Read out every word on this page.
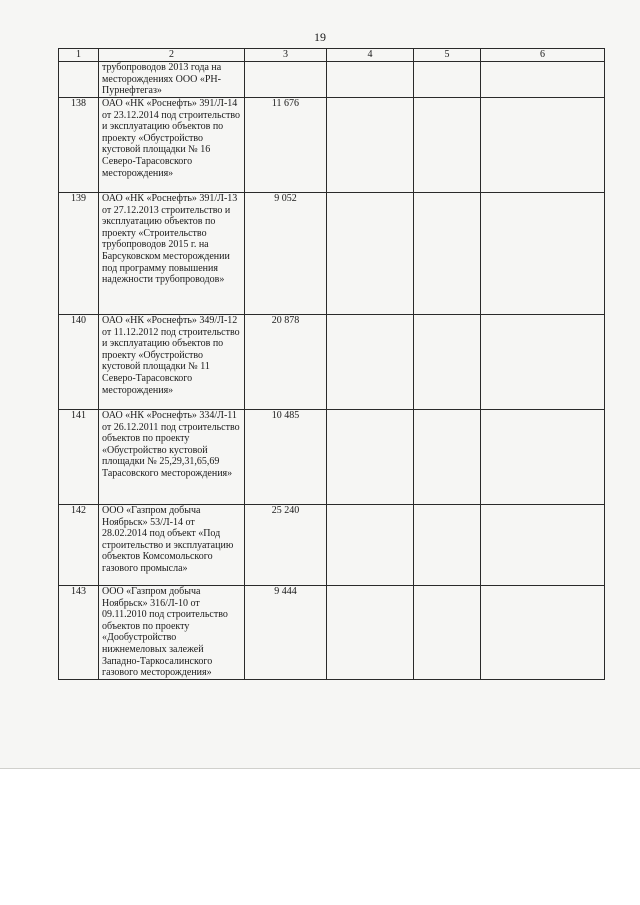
19
1	2	3	4	5	6
	трубопроводов 2013 года на месторождениях ООО «РН-Пурнефтегаз»				
138	ОАО «НК «Роснефть» 391/Л-14 от 23.12.2014 под строительство и эксплуатацию объектов по проекту «Обустройство кустовой площадки № 16 Северо-Тарасовского месторождения»	11 676			
139	ОАО «НК «Роснефть» 391/Л-13 от 27.12.2013 строительство и эксплуатацию объектов по проекту «Строительство трубопроводов 2015 г. на Барсуковском месторождении под программу повышения надежности трубопроводов»	9 052			
140	ОАО «НК «Роснефть» 349/Л-12 от 11.12.2012 под строительство и эксплуатацию объектов по проекту «Обустройство кустовой площадки № 11 Северо-Тарасовского месторождения»	20 878			
141	ОАО «НК «Роснефть» 334/Л-11 от 26.12.2011 под строительство объектов по проекту «Обустройство кустовой площадки № 25,29,31,65,69 Тарасовского месторождения»	10 485			
142	ООО «Газпром добыча Ноябрьск» 53/Л-14 от 28.02.2014 под объект «Под строительство и эксплуатацию объектов Комсомольского газового промысла»	25 240			
143	ООО «Газпром добыча Ноябрьск» 316/Л-10 от 09.11.2010 под строительство объектов по проекту «Дообустройство нижнемеловых залежей Западно-Таркосалинского газового месторождения»	9 444			
